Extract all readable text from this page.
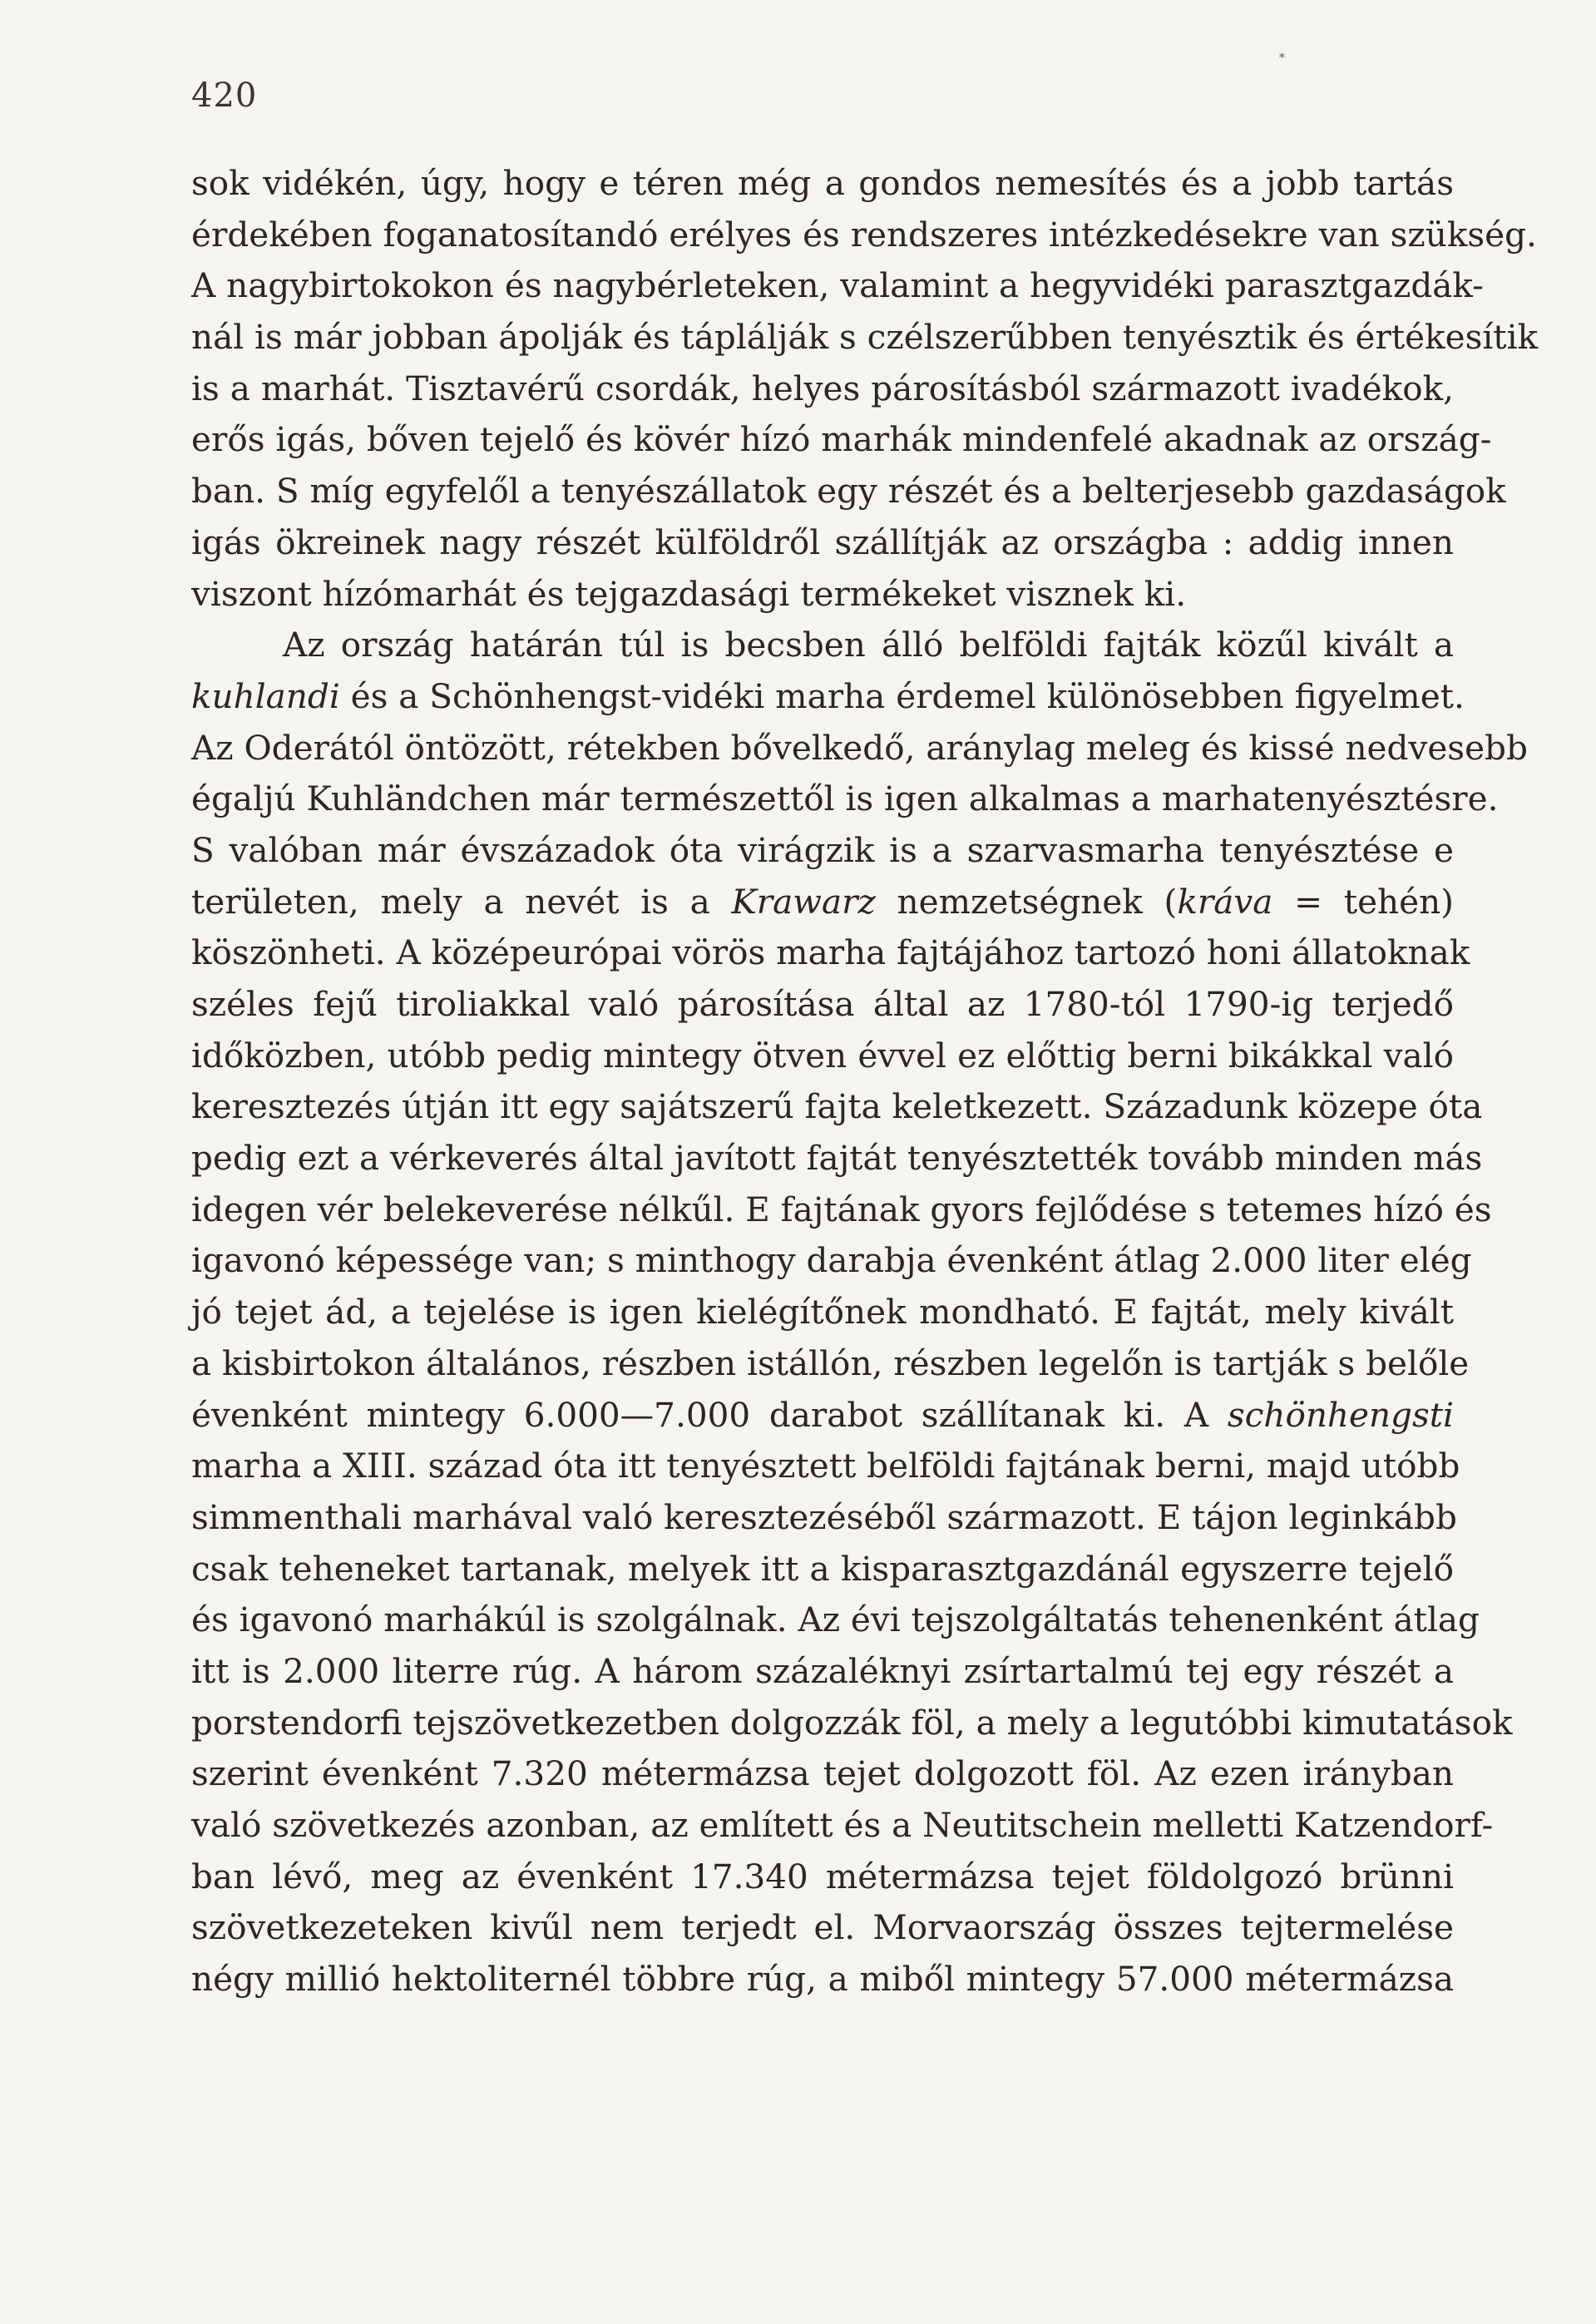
*
420
sok vidékén, úgy, hogy e téren még a gondos nemesítés és a jobb tartás
érdekében foganatosítandó erélyes és rendszeres intézkedésekre van szükség.
A nagybirtokokon és nagybérleteken, valamint a hegyvidéki parasztgazdák-
nál is már jobban ápolják és táplálják s czélszerűbben tenyésztik és értékesítik
is a marhát. Tisztavérű csordák, helyes párosításból származott ivadékok,
erős igás, bőven tejelő és kövér hízó marhák mindenfelé akadnak az ország-
ban. S míg egyfelől a tenyészállatok egy részét és a belterjesebb gazdaságok
igás ökreinek nagy részét külföldről szállítják az országba : addig innen
viszont hízómarhát és tejgazdasági termékeket visznek ki.
Az ország határán túl is becsben álló belföldi fajták közűl kivált a
kuhlandi és a Schönhengst-vidéki marha érdemel különösebben figyelmet.
Az Oderától öntözött, rétekben bővelkedő, aránylag meleg és kissé nedvesebb
égaljú Kuhländchen már természettől is igen alkalmas a marhatenyésztésre.
S valóban már évszázadok óta virágzik is a szarvasmarha tenyésztése e
területen, mely a nevét is a Krawarz nemzetségnek (kráva = tehén)
köszönheti. A középeurópai vörös marha fajtájához tartozó honi állatoknak
széles fejű tiroliakkal való párosítása által az 1780-tól 1790-ig terjedő
időközben, utóbb pedig mintegy ötven évvel ez előttig berni bikákkal való
keresztezés útján itt egy sajátszerű fajta keletkezett. Századunk közepe óta
pedig ezt a vérkeverés által javított fajtát tenyésztették tovább minden más
idegen vér belekeverése nélkűl. E fajtának gyors fejlődése s tetemes hízó és
igavonó képessége van; s minthogy darabja évenként átlag 2.000 liter elég
jó tejet ád, a tejelése is igen kielégítőnek mondható. E fajtát, mely kivált
a kisbirtokon általános, részben istállón, részben legelőn is tartják s belőle
évenként mintegy 6.000—7.000 darabot szállítanak ki. A schönhengsti
marha a XIII. század óta itt tenyésztett belföldi fajtának berni, majd utóbb
simmenthali marhával való keresztezéséből származott. E tájon leginkább
csak teheneket tartanak, melyek itt a kisparasztgazdánál egyszerre tejelő
és igavonó marhákúl is szolgálnak. Az évi tejszolgáltatás tehenenként átlag
itt is 2.000 literre rúg. A három százaléknyi zsírtartalmú tej egy részét a
porstendorfi tejszövetkezetben dolgozzák föl, a mely a legutóbbi kimutatások
szerint évenként 7.320 métermázsa tejet dolgozott föl. Az ezen irányban
való szövetkezés azonban, az említett és a Neutitschein melletti Katzendorf-
ban lévő, meg az évenként 17.340 métermázsa tejet földolgozó brünni
szövetkezeteken kivűl nem terjedt el. Morvaország összes tejtermelése
négy millió hektoliternél többre rúg, a miből mintegy 57.000 métermázsa
